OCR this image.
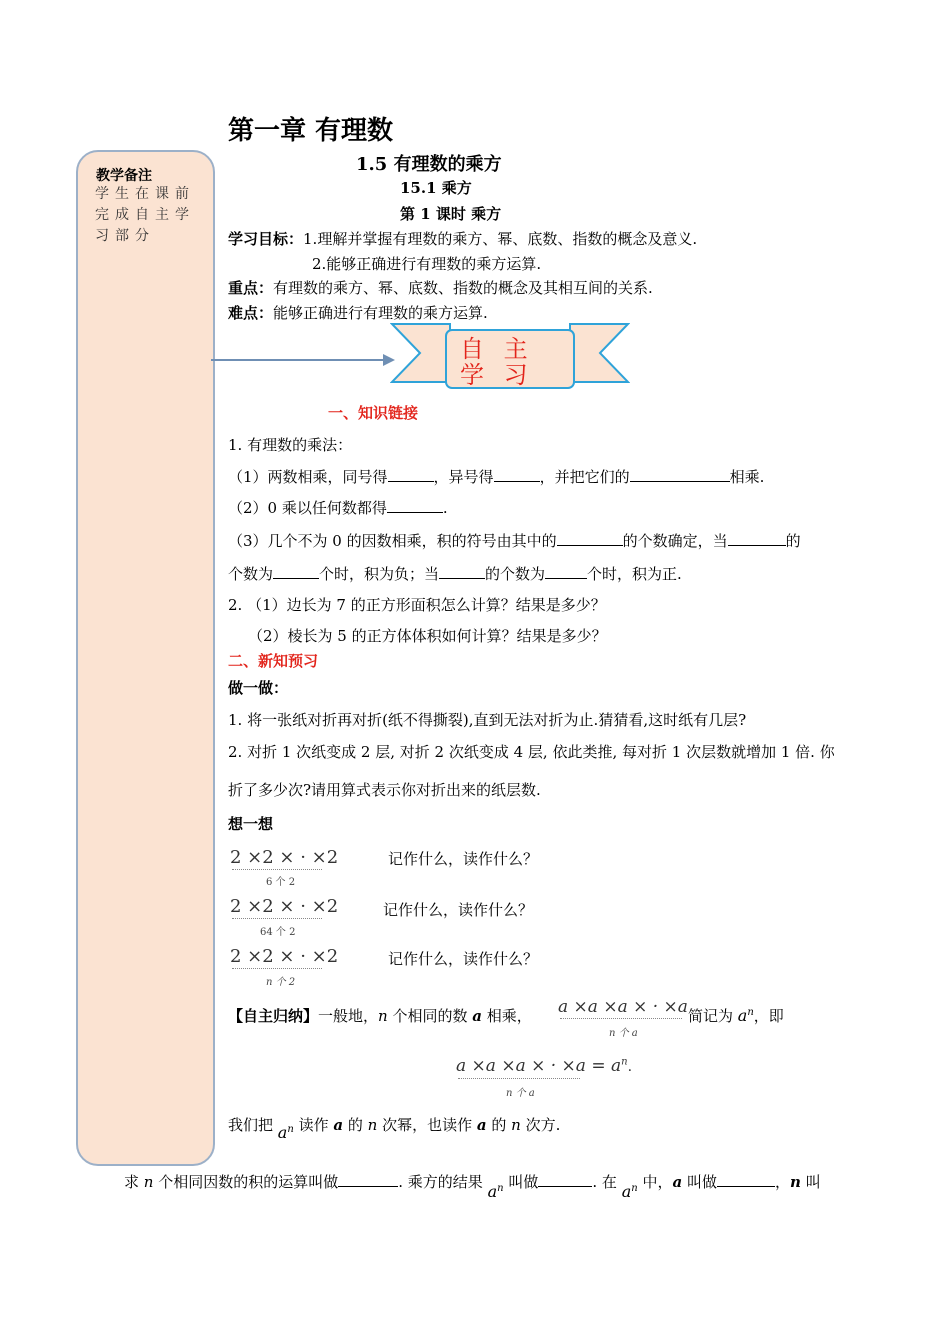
第一章 有理数
教学备注
学生在课前完成自主学习部分
1.5 有理数的乘方
15.1 乘方
第 1 课时 乘方
学习目标：1.理解并掌握有理数的乘方、幂、底数、指数的概念及意义.
2.能够正确进行有理数的乘方运算.
重点：有理数的乘方、幂、底数、指数的概念及其相互间的关系.
难点：能够正确进行有理数的乘方运算.
自 主 学 习
一、知识链接
1. 有理数的乘法：
（1）两数相乘，同号得	，异号得	，并把它们的	相乘.
（2）0 乘以任何数都得	.
（3）几个不为 0 的因数相乘，积的符号由其中的	的个数确定，当	的
个数为	个时，积为负；当	的个数为	个时，积为正.
2. （1）边长为 7 的正方形面积怎么计算？结果是多少？
（2）棱长为 5 的正方体体积如何计算？结果是多少？
二、新知预习
做一做：
1. 将一张纸对折再对折(纸不得撕裂),直到无法对折为止.猜猜看,这时纸有几层?
2. 对折 1 次纸变成 2 层, 对折 2 次纸变成 4 层, 依此类推, 每对折 1 次层数就增加 1 倍. 你
折了多少次?请用算式表示你对折出来的纸层数.
想一想
2 ×2 × · ×2
6 个 2
记作什么，读作什么？
2 ×2 × · ×2
64 个 2
记作什么，读作什么？
2 ×2 × · ×2
n 个 2
记作什么，读作什么？
【自主归纳】一般地，n 个相同的数 a 相乘， a ×a ×a × · ×a
n 个 a
简记为 $a^n$，即
a ×a ×a × · $\times a = a^n$.
n 个 a
我们把 $a^n$ 读作 a 的 n 次幂，也读作 a 的 n 次方.
求 n 个相同因数的积的运算叫做	. 乘方的结果 $a^n$ 叫做	. 在 $a^n$ 中，a 叫做	，n 叫
